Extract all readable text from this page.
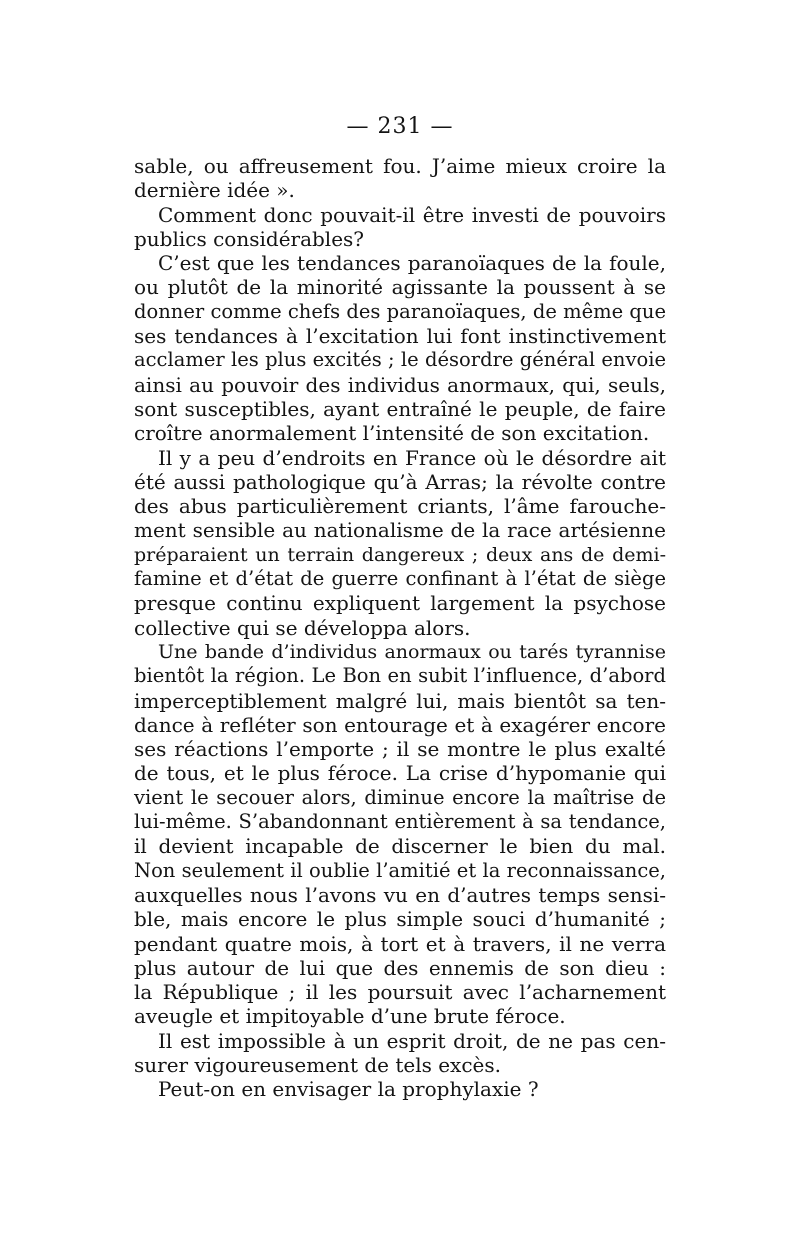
— 231 —
sable, ou affreusement fou. J’aime mieux croire la
dernière idée ».
Comment donc pouvait-il être investi de pouvoirs
publics considérables?
C’est que les tendances paranoïaques de la foule,
ou plutôt de la minorité agissante la poussent à se
donner comme chefs des paranoïaques, de même que
ses tendances à l’excitation lui font instinctivement
acclamer les plus excités ; le désordre général envoie
ainsi au pouvoir des individus anormaux, qui, seuls,
sont susceptibles, ayant entraîné le peuple, de faire
croître anormalement l’intensité de son excitation.
Il y a peu d’endroits en France où le désordre ait
été aussi pathologique qu’à Arras; la révolte contre
des abus particulièrement criants, l’âme farouche-
ment sensible au nationalisme de la race artésienne
préparaient un terrain dangereux ; deux ans de demi-
famine et d’état de guerre confinant à l’état de siège
presque continu expliquent largement la psychose
collective qui se développa alors.
Une bande d’individus anormaux ou tarés tyrannise
bientôt la région. Le Bon en subit l’influence, d’abord
imperceptiblement malgré lui, mais bientôt sa ten-
dance à refléter son entourage et à exagérer encore
ses réactions l’emporte ; il se montre le plus exalté
de tous, et le plus féroce. La crise d’hypomanie qui
vient le secouer alors, diminue encore la maîtrise de
lui-même. S’abandonnant entièrement à sa tendance,
il devient incapable de discerner le bien du mal.
Non seulement il oublie l’amitié et la reconnaissance,
auxquelles nous l’avons vu en d’autres temps sensi-
ble, mais encore le plus simple souci d’humanité ;
pendant quatre mois, à tort et à travers, il ne verra
plus autour de lui que des ennemis de son dieu :
la République ; il les poursuit avec l’acharnement
aveugle et impitoyable d’une brute féroce.
Il est impossible à un esprit droit, de ne pas cen-
surer vigoureusement de tels excès.
Peut-on en envisager la prophylaxie ?
